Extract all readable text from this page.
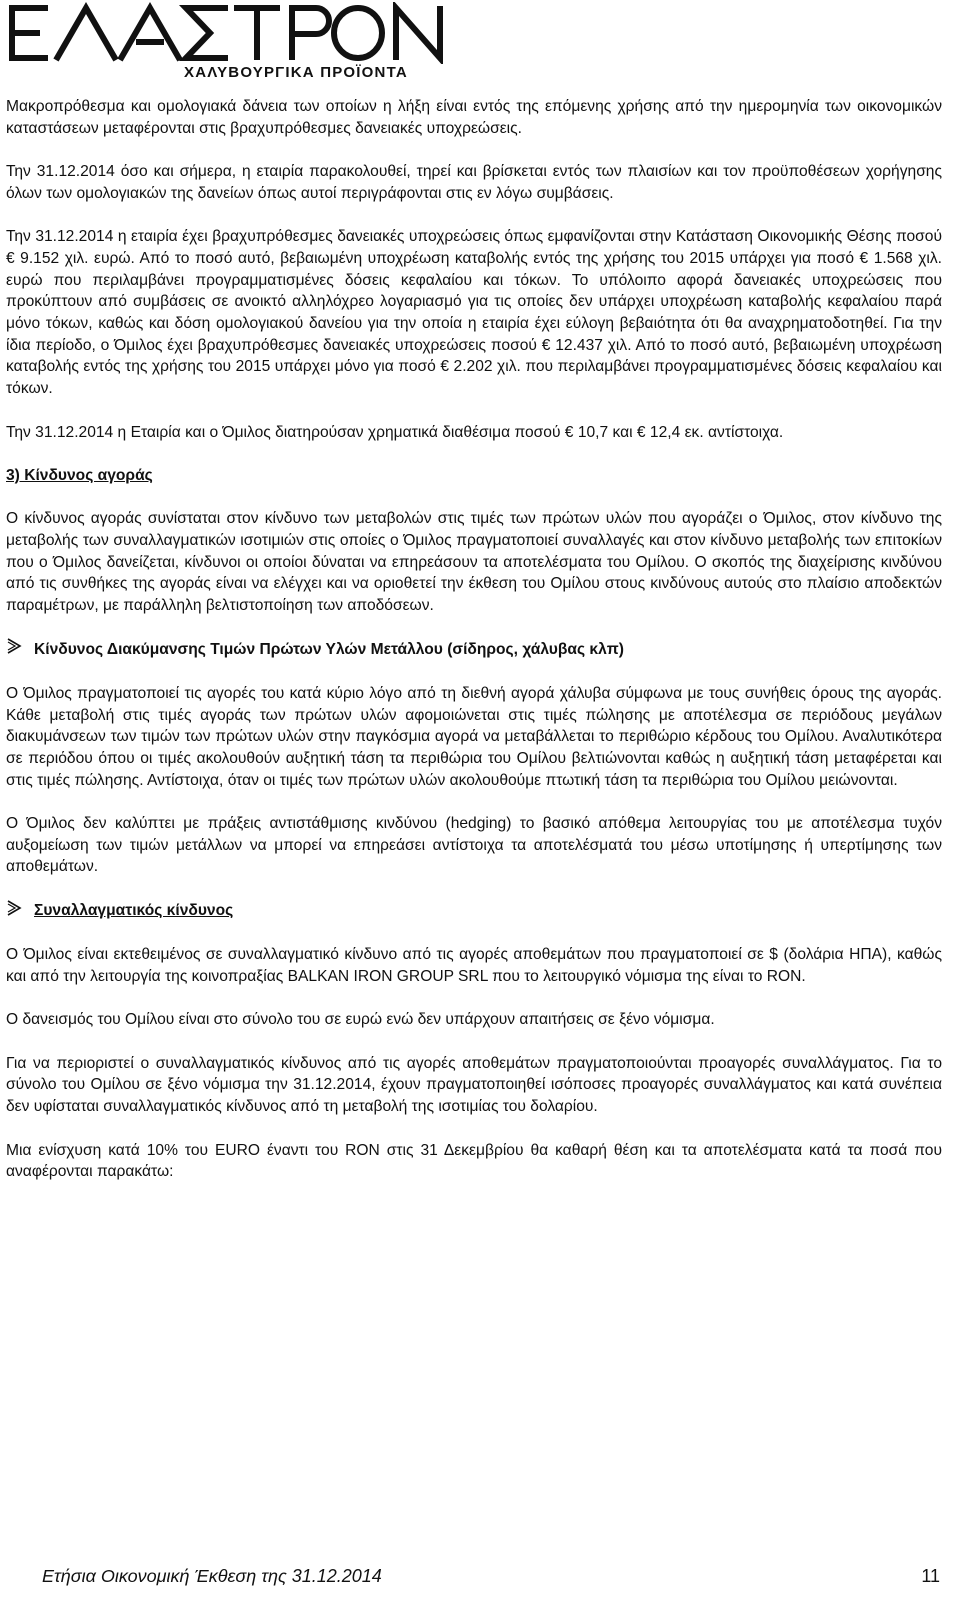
ΧΑΛΥΒΟΥΡΓΙΚΑ ΠΡΟΪΟΝΤΑ

Μακροπρόθεσμα και ομολογιακά δάνεια των οποίων η λήξη είναι εντός της επόμενης χρήσης από την ημερομηνία των οικονομικών καταστάσεων μεταφέρονται στις βραχυπρόθεσμες δανειακές υποχρεώσεις.

Την 31.12.2014 όσο και σήμερα, η εταιρία παρακολουθεί, τηρεί και βρίσκεται εντός των πλαισίων και τον προϋποθέσεων χορήγησης όλων των ομολογιακών της δανείων όπως αυτοί περιγράφονται στις εν λόγω συμβάσεις.

Την 31.12.2014 η εταιρία έχει βραχυπρόθεσμες δανειακές υποχρεώσεις όπως εμφανίζονται στην Κατάσταση Οικονομικής Θέσης ποσού € 9.152 χιλ. ευρώ. Από το ποσό αυτό, βεβαιωμένη υποχρέωση καταβολής εντός της χρήσης του 2015 υπάρχει για ποσό € 1.568 χιλ. ευρώ που περιλαμβάνει προγραμματισμένες δόσεις κεφαλαίου και τόκων. Το υπόλοιπο αφορά δανειακές υποχρεώσεις που προκύπτουν από συμβάσεις σε ανοικτό αλληλόχρεο λογαριασμό για τις οποίες δεν υπάρχει υποχρέωση καταβολής κεφαλαίου παρά μόνο τόκων, καθώς και δόση ομολογιακού δανείου για την οποία η εταιρία έχει εύλογη βεβαιότητα ότι θα αναχρηματοδοτηθεί. Για την ίδια περίοδο, ο Όμιλος έχει βραχυπρόθεσμες δανειακές υποχρεώσεις ποσού € 12.437 χιλ. Από το ποσό αυτό, βεβαιωμένη υποχρέωση καταβολής εντός της χρήσης του 2015 υπάρχει μόνο για ποσό € 2.202 χιλ. που περιλαμβάνει προγραμματισμένες δόσεις κεφαλαίου και τόκων.

Την 31.12.2014 η Εταιρία και ο Όμιλος διατηρούσαν χρηματικά διαθέσιμα ποσού € 10,7 και € 12,4 εκ. αντίστοιχα.

3) Κίνδυνος αγοράς

Ο κίνδυνος αγοράς συνίσταται στον κίνδυνο των μεταβολών στις τιμές των πρώτων υλών που αγοράζει ο Όμιλος, στον κίνδυνο της μεταβολής των συναλλαγματικών ισοτιμιών στις οποίες ο Όμιλος πραγματοποιεί συναλλαγές και στον κίνδυνο μεταβολής των επιτοκίων που ο Όμιλος δανείζεται, κίνδυνοι οι οποίοι δύναται να επηρεάσουν τα αποτελέσματα του Ομίλου. Ο σκοπός της διαχείρισης κινδύνου από τις συνθήκες της αγοράς είναι να ελέγχει και να οριοθετεί την έκθεση του Ομίλου στους κινδύνους αυτούς στο πλαίσιο αποδεκτών παραμέτρων, με παράλληλη βελτιστοποίηση των αποδόσεων.

Κίνδυνος Διακύμανσης Τιμών Πρώτων Υλών Μετάλλου (σίδηρος, χάλυβας κλπ)

Ο Όμιλος πραγματοποιεί τις αγορές του κατά κύριο λόγο από τη διεθνή αγορά χάλυβα σύμφωνα με τους συνήθεις όρους της αγοράς. Κάθε μεταβολή στις τιμές αγοράς των πρώτων υλών αφομοιώνεται στις τιμές πώλησης με αποτέλεσμα σε περιόδους μεγάλων διακυμάνσεων των τιμών των πρώτων υλών στην παγκόσμια αγορά να μεταβάλλεται το περιθώριο κέρδους του Ομίλου. Αναλυτικότερα σε περιόδου όπου οι τιμές ακολουθούν αυξητική τάση τα περιθώρια του Ομίλου βελτιώνονται καθώς η αυξητική τάση μεταφέρεται και στις τιμές πώλησης. Αντίστοιχα, όταν οι τιμές των πρώτων υλών ακολουθούμε πτωτική τάση τα περιθώρια του Ομίλου μειώνονται.

Ο Όμιλος δεν καλύπτει με πράξεις αντιστάθμισης κινδύνου (hedging) το βασικό απόθεμα λειτουργίας του με αποτέλεσμα τυχόν αυξομείωση των τιμών μετάλλων να μπορεί να επηρεάσει αντίστοιχα τα αποτελέσματά του μέσω υποτίμησης ή υπερτίμησης των αποθεμάτων.

Συναλλαγματικός κίνδυνος

Ο Όμιλος είναι εκτεθειμένος σε συναλλαγματικό κίνδυνο από τις αγορές αποθεμάτων που πραγματοποιεί σε $ (δολάρια ΗΠΑ), καθώς και από την λειτουργία της κοινοπραξίας BALKAN IRON GROUP SRL που το λειτουργικό νόμισμα της είναι το RON.

Ο δανεισμός του Ομίλου είναι στο σύνολο του σε ευρώ ενώ δεν υπάρχουν απαιτήσεις σε ξένο νόμισμα.

Για να περιοριστεί ο συναλλαγματικός κίνδυνος από τις αγορές αποθεμάτων πραγματοποιούνται προαγορές συναλλάγματος. Για το σύνολο του Ομίλου σε ξένο νόμισμα την 31.12.2014, έχουν πραγματοποιηθεί ισόποσες προαγορές συναλλάγματος και κατά συνέπεια δεν υφίσταται συναλλαγματικός κίνδυνος από τη μεταβολή της ισοτιμίας του δολαρίου.

Μια ενίσχυση κατά 10% του EURO έναντι του RON στις 31 Δεκεμβρίου θα καθαρή θέση και τα αποτελέσματα κατά τα ποσά που αναφέρονται παρακάτω:

Ετήσια Οικονομική Έκθεση της 31.12.2014	11
